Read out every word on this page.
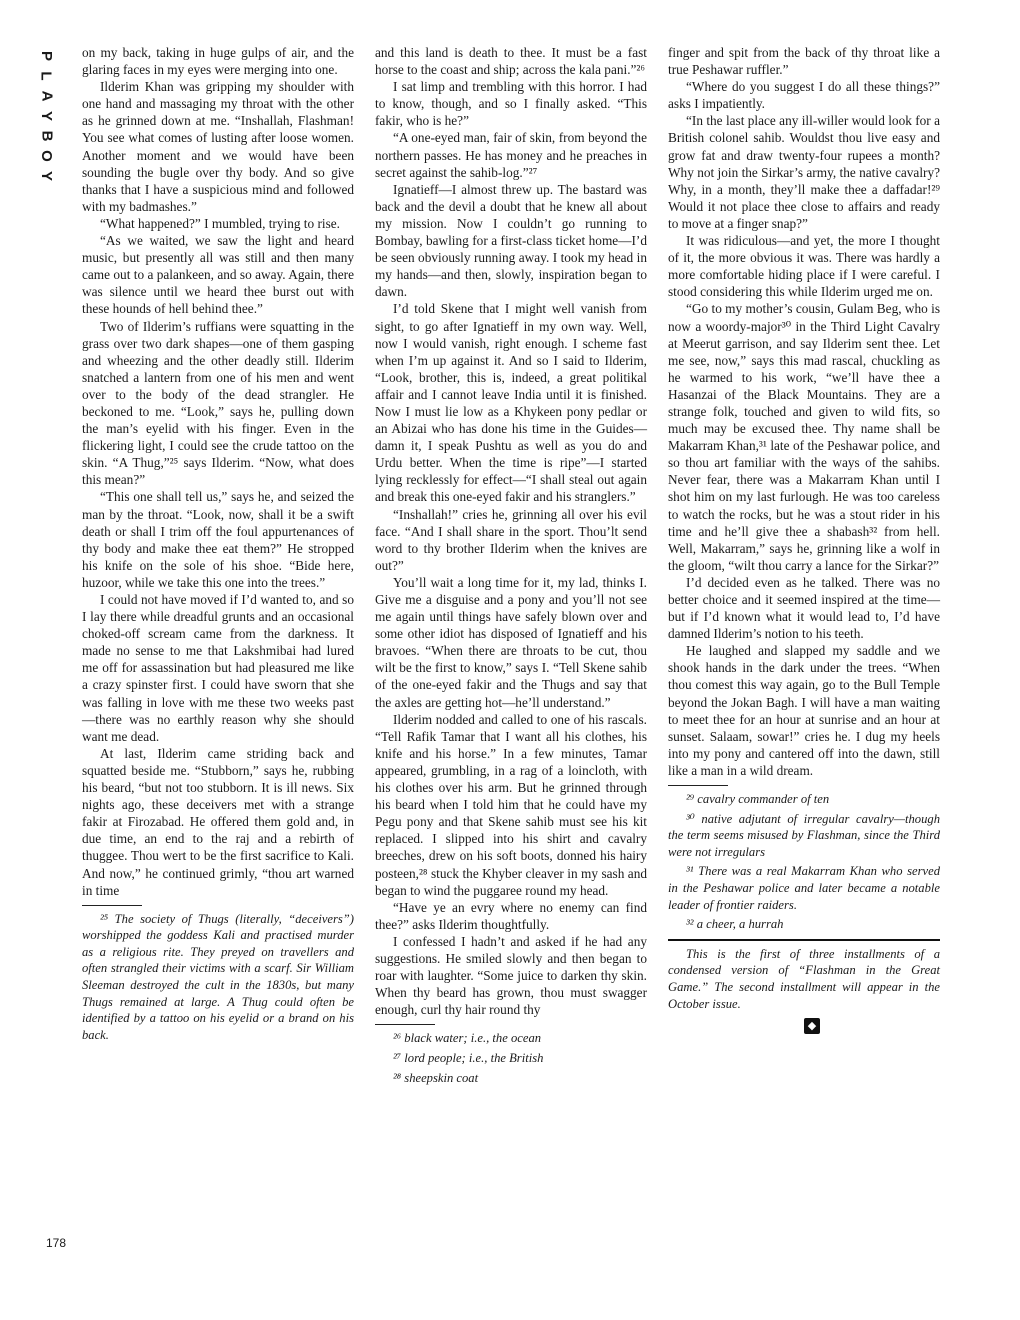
P
L
A
Y
B
O
Y
178

on my back, taking in huge gulps of air, and the glaring faces in my eyes were merging into one.

Ilderim Khan was gripping my shoulder with one hand and massaging my throat with the other as he grinned down at me. “Inshallah, Flashman! You see what comes of lusting after loose women. Another moment and we would have been sounding the bugle over thy body. And so give thanks that I have a suspicious mind and followed with my badmashes.”

“What happened?” I mumbled, trying to rise.

“As we waited, we saw the light and heard music, but presently all was still and then many came out to a palankeen, and so away. Again, there was silence until we heard thee burst out with these hounds of hell behind thee.”

Two of Ilderim’s ruffians were squatting in the grass over two dark shapes—one of them gasping and wheezing and the other deadly still. Ilderim snatched a lantern from one of his men and went over to the body of the dead strangler. He beckoned to me. “Look,” says he, pulling down the man’s eyelid with his finger. Even in the flickering light, I could see the crude tattoo on the skin. “A Thug,”²⁵ says Ilderim. “Now, what does this mean?”

“This one shall tell us,” says he, and seized the man by the throat. “Look, now, shall it be a swift death or shall I trim off the foul appurtenances of thy body and make thee eat them?” He stropped his knife on the sole of his shoe. “Bide here, huzoor, while we take this one into the trees.”

I could not have moved if I’d wanted to, and so I lay there while dreadful grunts and an occasional choked-off scream came from the darkness. It made no sense to me that Lakshmibai had lured me off for assassination but had pleasured me like a crazy spinster first. I could have sworn that she was falling in love with me these two weeks past—there was no earthly reason why she should want me dead.

At last, Ilderim came striding back and squatted beside me. “Stubborn,” says he, rubbing his beard, “but not too stubborn. It is ill news. Six nights ago, these deceivers met with a strange fakir at Firozabad. He offered them gold and, in due time, an end to the raj and a rebirth of thuggee. Thou wert to be the first sacrifice to Kali. And now,” he continued grimly, “thou art warned in time

²⁵ The society of Thugs (literally, “deceivers”) worshipped the goddess Kali and practised murder as a religious rite. They preyed on travellers and often strangled their victims with a scarf. Sir William Sleeman destroyed the cult in the 1830s, but many Thugs remained at large. A Thug could often be identified by a tattoo on his eyelid or a brand on his back.

and this land is death to thee. It must be a fast horse to the coast and ship; across the kala pani.”²⁶

I sat limp and trembling with this horror. I had to know, though, and so I finally asked. “This fakir, who is he?”

“A one-eyed man, fair of skin, from beyond the northern passes. He has money and he preaches in secret against the sahib-log.”²⁷

Ignatieff—I almost threw up. The bastard was back and the devil a doubt that he knew all about my mission. Now I couldn’t go running to Bombay, bawling for a first-class ticket home—I’d be seen obviously running away. I took my head in my hands—and then, slowly, inspiration began to dawn.

I’d told Skene that I might well vanish from sight, to go after Ignatieff in my own way. Well, now I would vanish, right enough. I scheme fast when I’m up against it. And so I said to Ilderim, “Look, brother, this is, indeed, a great politikal affair and I cannot leave India until it is finished. Now I must lie low as a Khykeen pony pedlar or an Abizai who has done his time in the Guides—damn it, I speak Pushtu as well as you do and Urdu better. When the time is ripe”—I started lying recklessly for effect—“I shall steal out again and break this one-eyed fakir and his stranglers.”

“Inshallah!” cries he, grinning all over his evil face. “And I shall share in the sport. Thou’lt send word to thy brother Ilderim when the knives are out?”

You’ll wait a long time for it, my lad, thinks I. Give me a disguise and a pony and you’ll not see me again until things have safely blown over and some other idiot has disposed of Ignatieff and his bravoes. “When there are throats to be cut, thou wilt be the first to know,” says I. “Tell Skene sahib of the one-eyed fakir and the Thugs and say that the axles are getting hot—he’ll understand.”

Ilderim nodded and called to one of his rascals. “Tell Rafik Tamar that I want all his clothes, his knife and his horse.” In a few minutes, Tamar appeared, grumbling, in a rag of a loincloth, with his clothes over his arm. But he grinned through his beard when I told him that he could have my Pegu pony and that Skene sahib must see his kit replaced. I slipped into his shirt and cavalry breeches, drew on his soft boots, donned his hairy posteen,²⁸ stuck the Khyber cleaver in my sash and began to wind the puggaree round my head.

“Have ye an evry where no enemy can find thee?” asks Ilderim thoughtfully.

I confessed I hadn’t and asked if he had any suggestions. He smiled slowly and then began to roar with laughter. “Some juice to darken thy skin. When thy beard has grown, thou must swagger enough, curl thy hair round thy

²⁶ black water; i.e., the ocean

²⁷ lord people; i.e., the British

²⁸ sheepskin coat

finger and spit from the back of thy throat like a true Peshawar ruffler.”

“Where do you suggest I do all these things?” asks I impatiently.

“In the last place any ill-willer would look for a British colonel sahib. Wouldst thou live easy and grow fat and draw twenty-four rupees a month? Why not join the Sirkar’s army, the native cavalry? Why, in a month, they’ll make thee a daffadar!²⁹ Would it not place thee close to affairs and ready to move at a finger snap?”

It was ridiculous—and yet, the more I thought of it, the more obvious it was. There was hardly a more comfortable hiding place if I were careful. I stood considering this while Ilderim urged me on.

“Go to my mother’s cousin, Gulam Beg, who is now a woordy-major³⁰ in the Third Light Cavalry at Meerut garrison, and say Ilderim sent thee. Let me see, now,” says this mad rascal, chuckling as he warmed to his work, “we’ll have thee a Hasanzai of the Black Mountains. They are a strange folk, touched and given to wild fits, so much may be excused thee. Thy name shall be Makarram Khan,³¹ late of the Peshawar police, and so thou art familiar with the ways of the sahibs. Never fear, there was a Makarram Khan until I shot him on my last furlough. He was too careless to watch the rocks, but he was a stout rider in his time and he’ll give thee a shabash³² from hell. Well, Makarram,” says he, grinning like a wolf in the gloom, “wilt thou carry a lance for the Sirkar?”

I’d decided even as he talked. There was no better choice and it seemed inspired at the time—but if I’d known what it would lead to, I’d have damned Ilderim’s notion to his teeth.

He laughed and slapped my saddle and we shook hands in the dark under the trees. “When thou comest this way again, go to the Bull Temple beyond the Jokan Bagh. I will have a man waiting to meet thee for an hour at sunrise and an hour at sunset. Salaam, sowar!” cries he. I dug my heels into my pony and cantered off into the dawn, still like a man in a wild dream.

²⁹ cavalry commander of ten

³⁰ native adjutant of irregular cavalry—though the term seems misused by Flashman, since the Third were not irregulars

³¹ There was a real Makarram Khan who served in the Peshawar police and later became a notable leader of frontier raiders.

³² a cheer, a hurrah

This is the first of three installments of a condensed version of “Flashman in the Great Game.” The second installment will appear in the October issue.

◆
